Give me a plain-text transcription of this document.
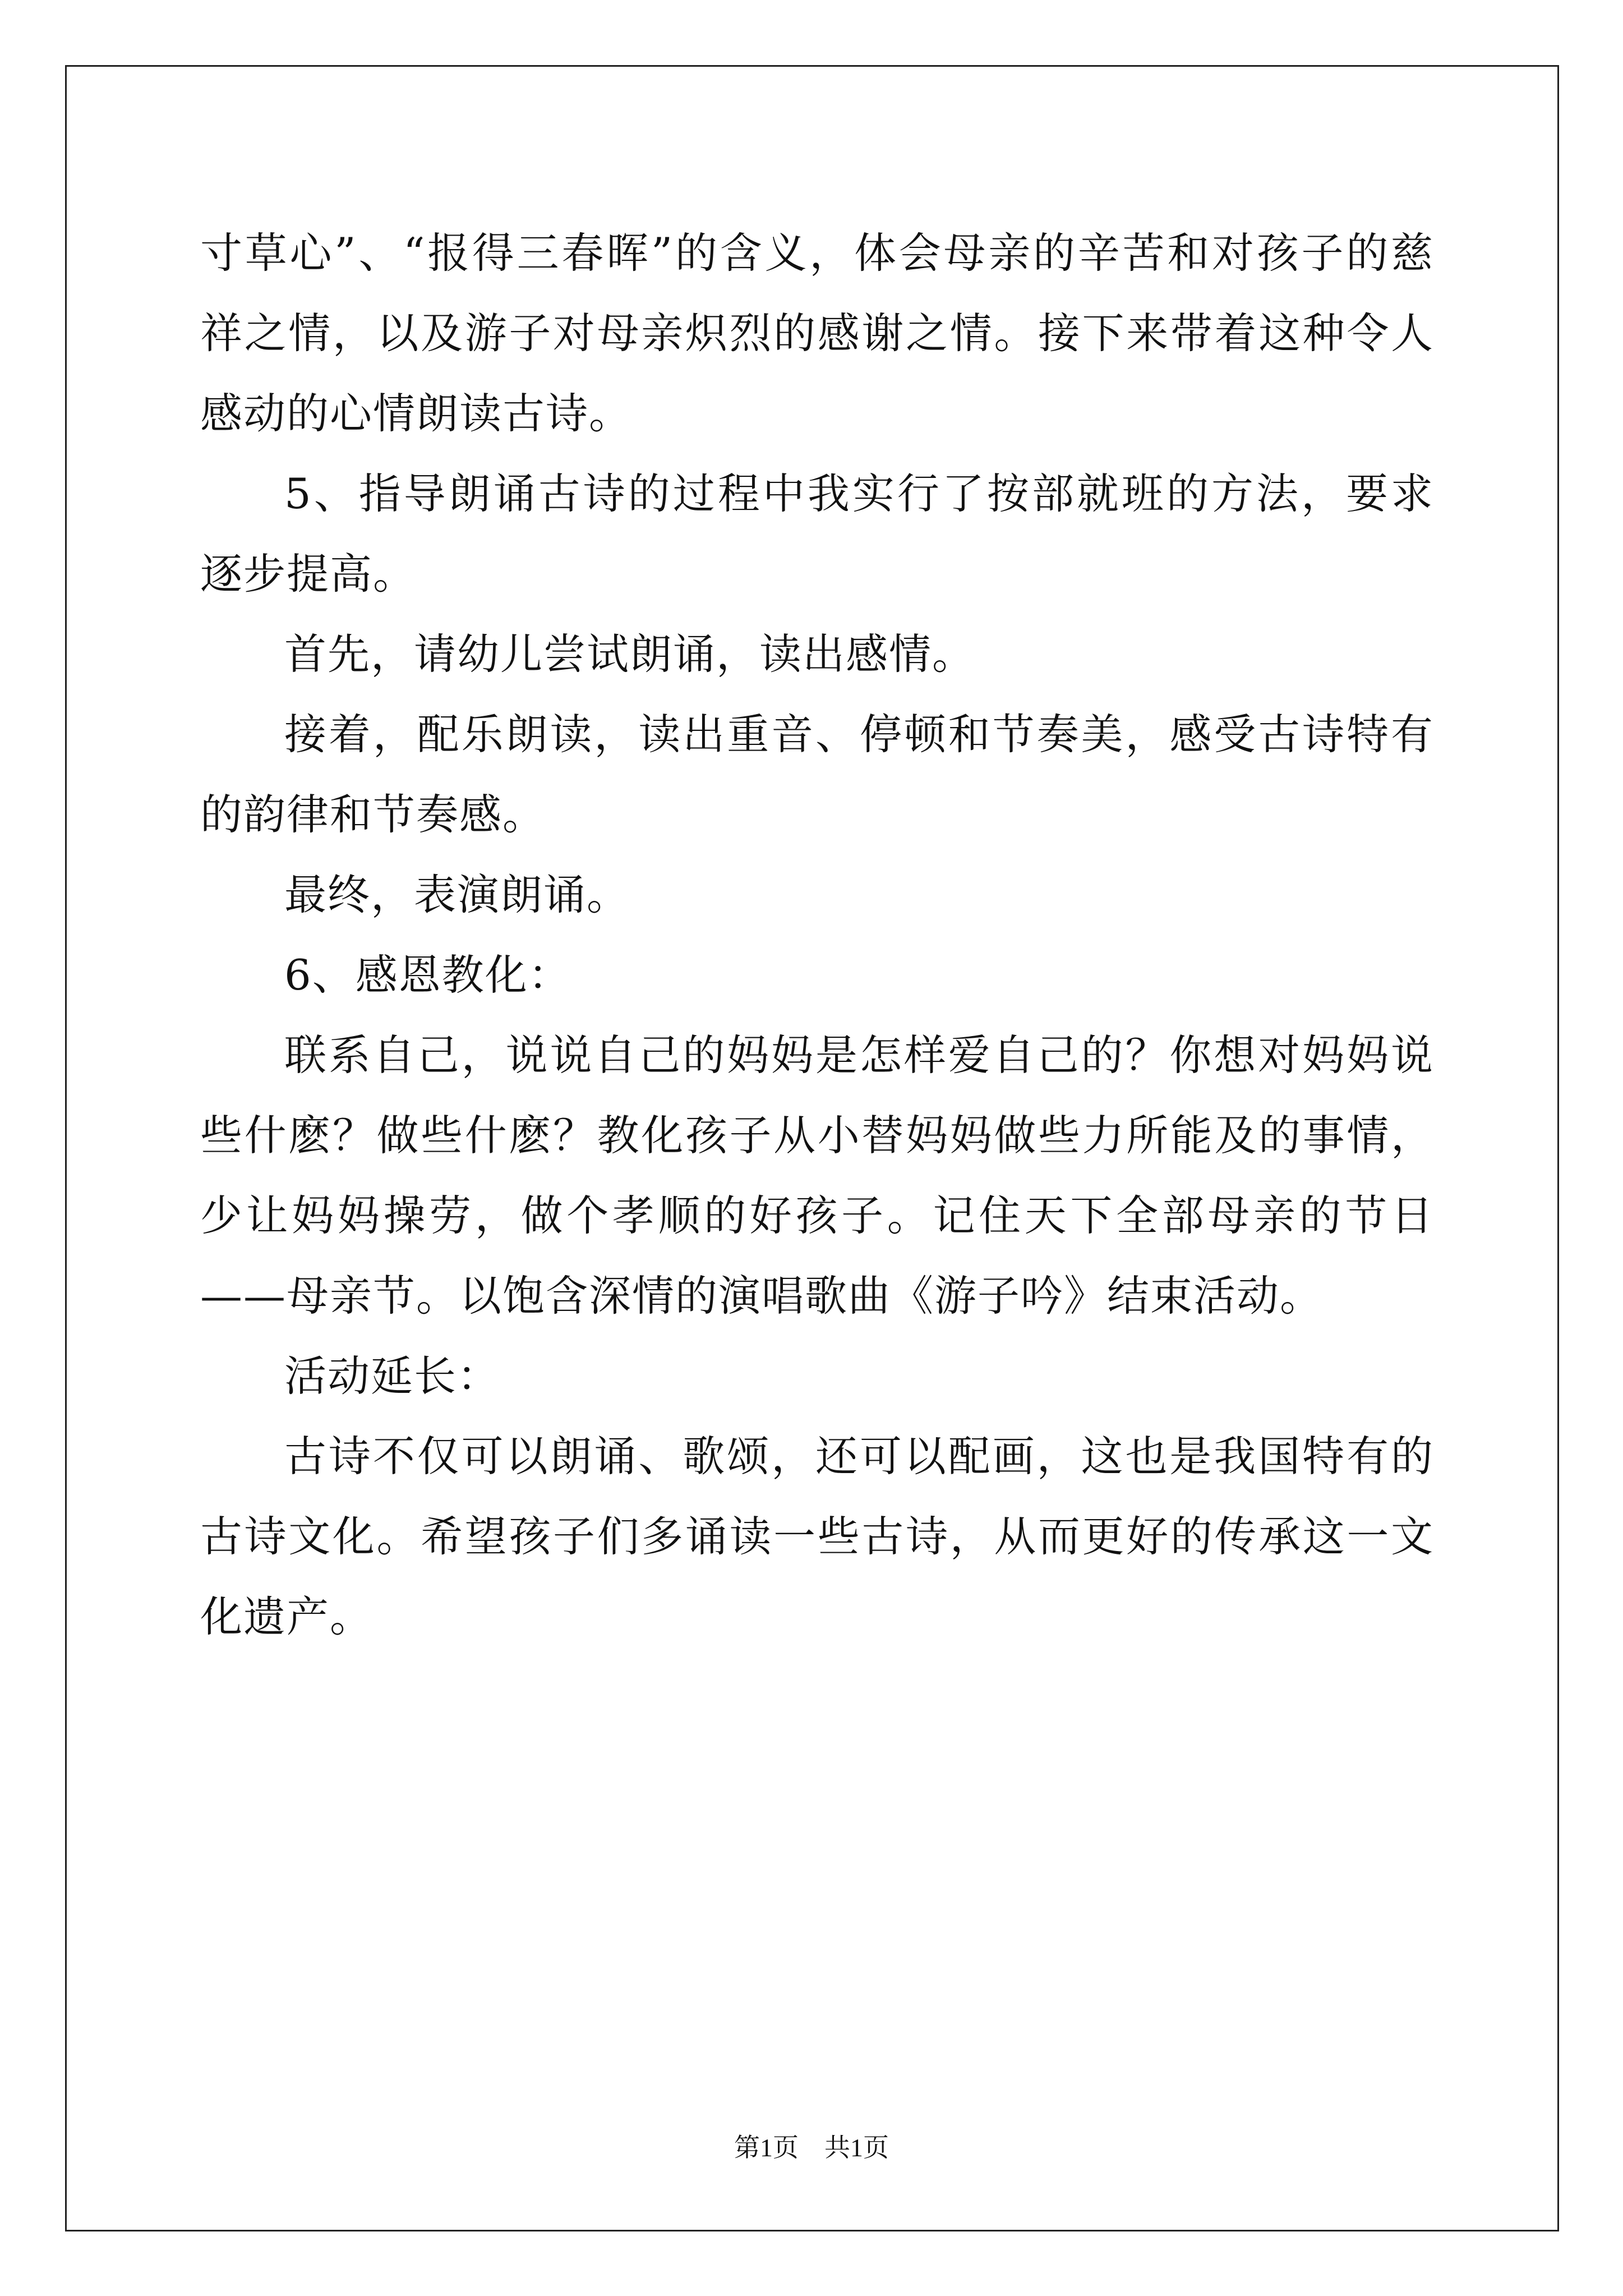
寸草心”、“报得三春晖”的含义，体会母亲的辛苦和对孩子的慈祥之情，以及游子对母亲炽烈的感谢之情。接下来带着这种令人感动的心情朗读古诗。

5、指导朗诵古诗的过程中我实行了按部就班的方法，要求逐步提高。

首先，请幼儿尝试朗诵，读出感情。

接着，配乐朗读，读出重音、停顿和节奏美，感受古诗特有的韵律和节奏感。

最终，表演朗诵。

6、感恩教化：

联系自己，说说自己的妈妈是怎样爱自己的？你想对妈妈说些什麽？做些什麽？教化孩子从小替妈妈做些力所能及的事情，少让妈妈操劳，做个孝顺的好孩子。记住天下全部母亲的节日——母亲节。以饱含深情的演唱歌曲《游子吟》结束活动。

活动延长：

古诗不仅可以朗诵、歌颂，还可以配画，这也是我国特有的古诗文化。希望孩子们多诵读一些古诗，从而更好的传承这一文化遗产。

第1页　共1页
